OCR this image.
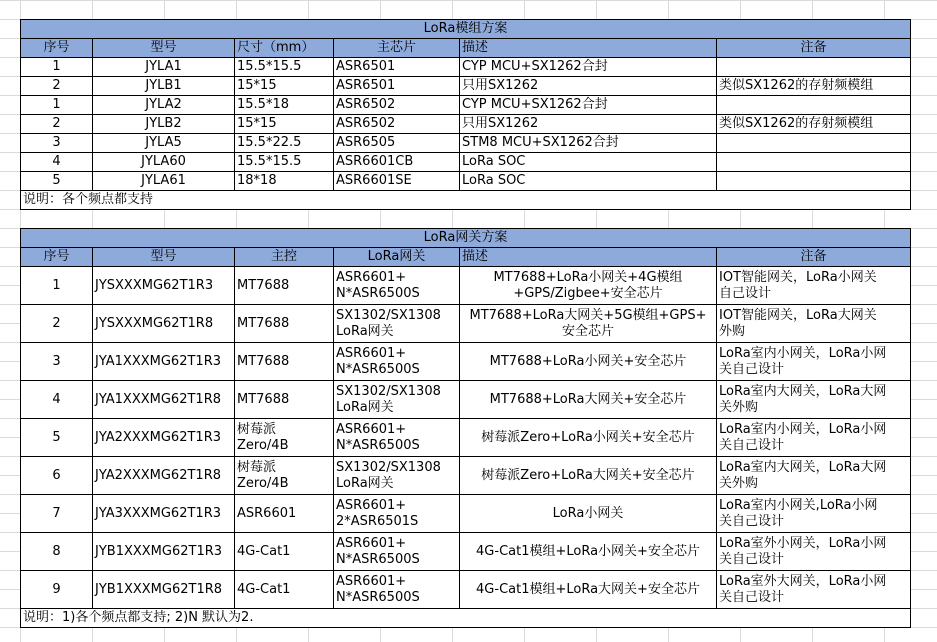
LoRa模组方案					
序号	型号	尺寸（mm）	主芯片	描述	注备
1	JYLA1	15.5*15.5	ASR6501	CYP MCU+SX1262合封	
2	JYLB1	15*15	ASR6501	只用SX1262	类似SX1262的存射频模组
1	JYLA2	15.5*18	ASR6502	CYP MCU+SX1262合封	
2	JYLB2	15*15	ASR6502	只用SX1262	类似SX1262的存射频模组
3	JYLA5	15.5*22.5	ASR6505	STM8 MCU+SX1262合封	
4	JYLA60	15.5*15.5	ASR6601CB	LoRa SOC	
5	JYLA61	18*18	ASR6601SE	LoRa SOC	
说明：各个频点都支持					
LoRa网关方案					
序号	型号	主控	LoRa网关	描述	注备
1	JYSXXXMG62T1R3	MT7688	ASR6601+
N*ASR6500S	MT7688+LoRa小网关+4G模组
+GPS/Zigbee+安全芯片	IOT智能网关，LoRa小网关
自己设计
2	JYSXXXMG62T1R8	MT7688	SX1302/SX1308
LoRa网关	MT7688+LoRa大网关+5G模组+GPS+
安全芯片	IOT智能网关，LoRa大网关
外购
3	JYA1XXXMG62T1R3	MT7688	ASR6601+
N*ASR6500S	MT7688+LoRa小网关+安全芯片	LoRa室内小网关，LoRa小网
关自己设计
4	JYA1XXXMG62T1R8	MT7688	SX1302/SX1308
LoRa网关	MT7688+LoRa大网关+安全芯片	LoRa室内大网关，LoRa大网
关外购
5	JYA2XXXMG62T1R3	树莓派
Zero/4B	ASR6601+
N*ASR6500S	树莓派Zero+LoRa小网关+安全芯片	LoRa室内小网关，LoRa小网
关自己设计
6	JYA2XXXMG62T1R8	树莓派
Zero/4B	SX1302/SX1308
LoRa网关	树莓派Zero+LoRa大网关+安全芯片	LoRa室内大网关，LoRa大网
关外购
7	JYA3XXXMG62T1R3	ASR6601	ASR6601+
2*ASR6501S	LoRa小网关	LoRa室内小网关,LoRa小网
关自己设计
8	JYB1XXXMG62T1R3	4G-Cat1	ASR6601+
N*ASR6500S	4G-Cat1模组+LoRa小网关+安全芯片	LoRa室外小网关，LoRa小网
关自己设计
9	JYB1XXXMG62T1R8	4G-Cat1	ASR6601+
N*ASR6500S	4G-Cat1模组+LoRa大网关+安全芯片	LoRa室外大网关，LoRa小网
关自己设计
说明：1)各个频点都支持; 2)N 默认为2.					
